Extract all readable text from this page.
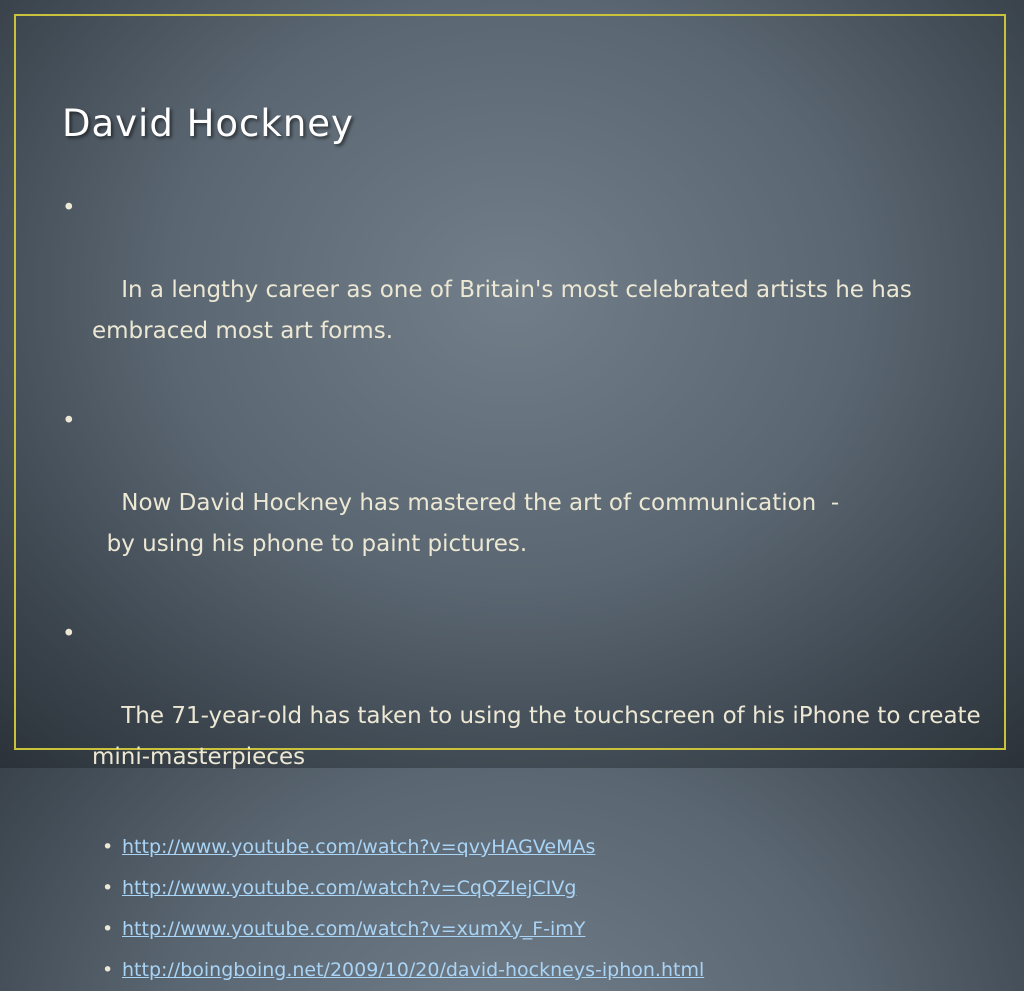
David Hockney

•

In a lengthy career as one of Britain's most celebrated artists he has embraced most art forms.

•

Now David Hockney has mastered the art of communication  -
by using his phone to paint pictures.

•

The 71-year-old has taken to using the touchscreen of his iPhone to create mini-masterpieces

• http://www.youtube.com/watch?v=qvyHAGVeMAs
• http://www.youtube.com/watch?v=CqQZIejCIVg
• http://www.youtube.com/watch?v=xumXy_F-imY
• http://boingboing.net/2009/10/20/david-hockneys-iphon.html
